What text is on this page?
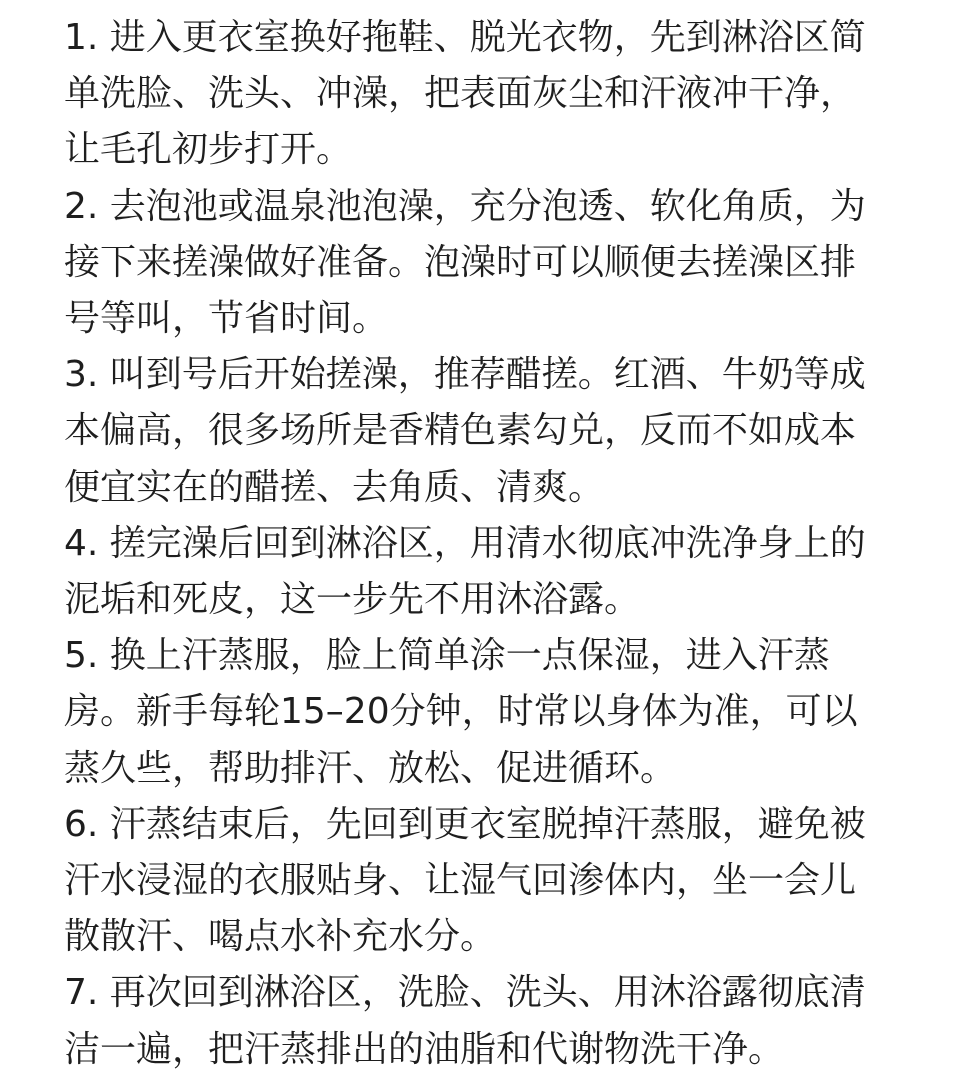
1. 进入更衣室换好拖鞋、脱光衣物，先到淋浴区简单洗脸、洗头、冲澡，把表面灰尘和汗液冲干净，让毛孔初步打开。
2. 去泡池或温泉池泡澡，充分泡透、软化角质，为接下来搓澡做好准备。泡澡时可以顺便去搓澡区排号等叫，节省时间。
3. 叫到号后开始搓澡，推荐醋搓。红酒、牛奶等成本偏高，很多场所是香精色素勾兑，反而不如成本便宜实在的醋搓、去角质、清爽。
4. 搓完澡后回到淋浴区，用清水彻底冲洗净身上的泥垢和死皮，这一步先不用沐浴露。
5. 换上汗蒸服，脸上简单涂一点保湿，进入汗蒸房。新手每轮15–20分钟，时常以身体为准，可以蒸久些，帮助排汗、放松、促进循环。
6. 汗蒸结束后，先回到更衣室脱掉汗蒸服，避免被汗水浸湿的衣服贴身、让湿气回渗体内，坐一会儿散散汗、喝点水补充水分。
7. 再次回到淋浴区，洗脸、洗头、用沐浴露彻底清洁一遍，把汗蒸排出的油脂和代谢物洗干净。
